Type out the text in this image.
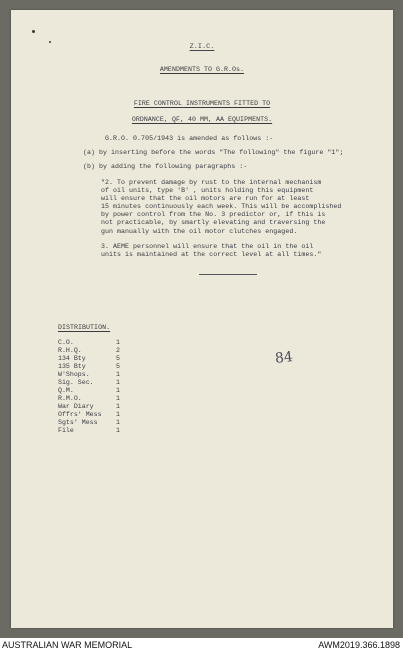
Z.I.C.
AMENDMENTS TO G.R.Os.
FIRE CONTROL INSTRUMENTS FITTED TO
ORDNANCE, QF, 40 MM, AA EQUIPMENTS.
G.R.O. 0.705/1943 is amended as follows :-
(a) by inserting before the words "The following" the figure "1";
(b) by adding the following paragraphs :-
"2. To prevent damage by rust to the internal mechanism
of oil units, type 'B' , units holding this equipment
will ensure that the oil motors are run for at least
15 minutes continuously each week. This will be accomplished
by power control from the No. 3 predictor or, if this is
not practicable, by smartly elevating and traversing the
gun manually with the oil motor clutches engaged.
3. AEME personnel will ensure that the oil in the oil
units is maintained at the correct level at all times."
DISTRIBUTION.
C.O.	1
R.H.Q.	2
134 Bty	5
135 Bty	5
W'Shops.	1
Sig. Sec.	1
Q.M.	1
R.M.O.	1
War Diary	1
Offrs' Mess 1
Sgts' Mess	1
File	1
84
AUSTRALIAN WAR MEMORIAL	AWM2019.366.1898
